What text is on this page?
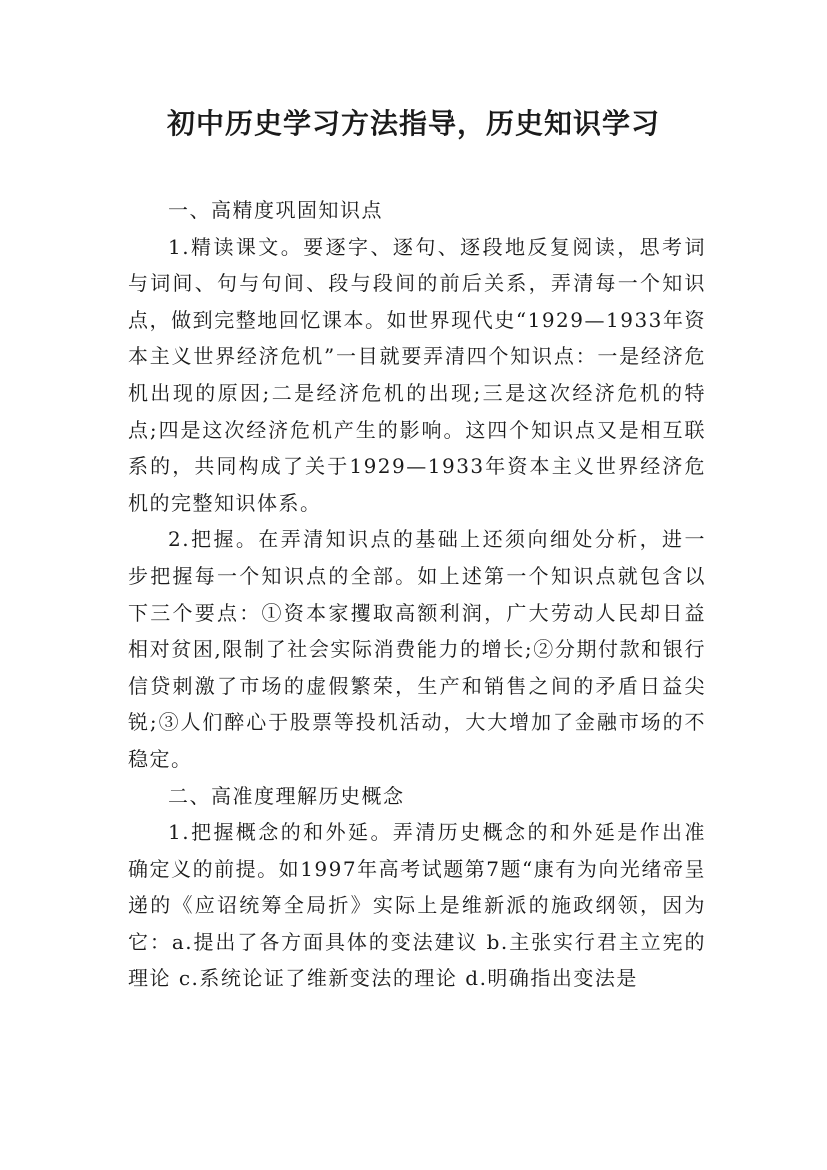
初中历史学习方法指导，历史知识学习

一、高精度巩固知识点

1.精读课文。要逐字、逐句、逐段地反复阅读，思考词与词间、句与句间、段与段间的前后关系，弄清每一个知识点，做到完整地回忆课本。如世界现代史“1929—1933年资本主义世界经济危机”一目就要弄清四个知识点：一是经济危机出现的原因;二是经济危机的出现;三是这次经济危机的特点;四是这次经济危机产生的影响。这四个知识点又是相互联系的，共同构成了关于1929—1933年资本主义世界经济危机的完整知识体系。

2.把握。在弄清知识点的基础上还须向细处分析，进一步把握每一个知识点的全部。如上述第一个知识点就包含以下三个要点：①资本家攫取高额利润，广大劳动人民却日益相对贫困,限制了社会实际消费能力的增长;②分期付款和银行信贷刺激了市场的虚假繁荣，生产和销售之间的矛盾日益尖锐;③人们醉心于股票等投机活动，大大增加了金融市场的不稳定。

二、高准度理解历史概念

1.把握概念的和外延。弄清历史概念的和外延是作出准确定义的前提。如1997年高考试题第7题“康有为向光绪帝呈递的《应诏统筹全局折》实际上是维新派的施政纲领，因为它：a.提出了各方面具体的变法建议 b.主张实行君主立宪的理论 c.系统论证了维新变法的理论 d.明确指出变法是
